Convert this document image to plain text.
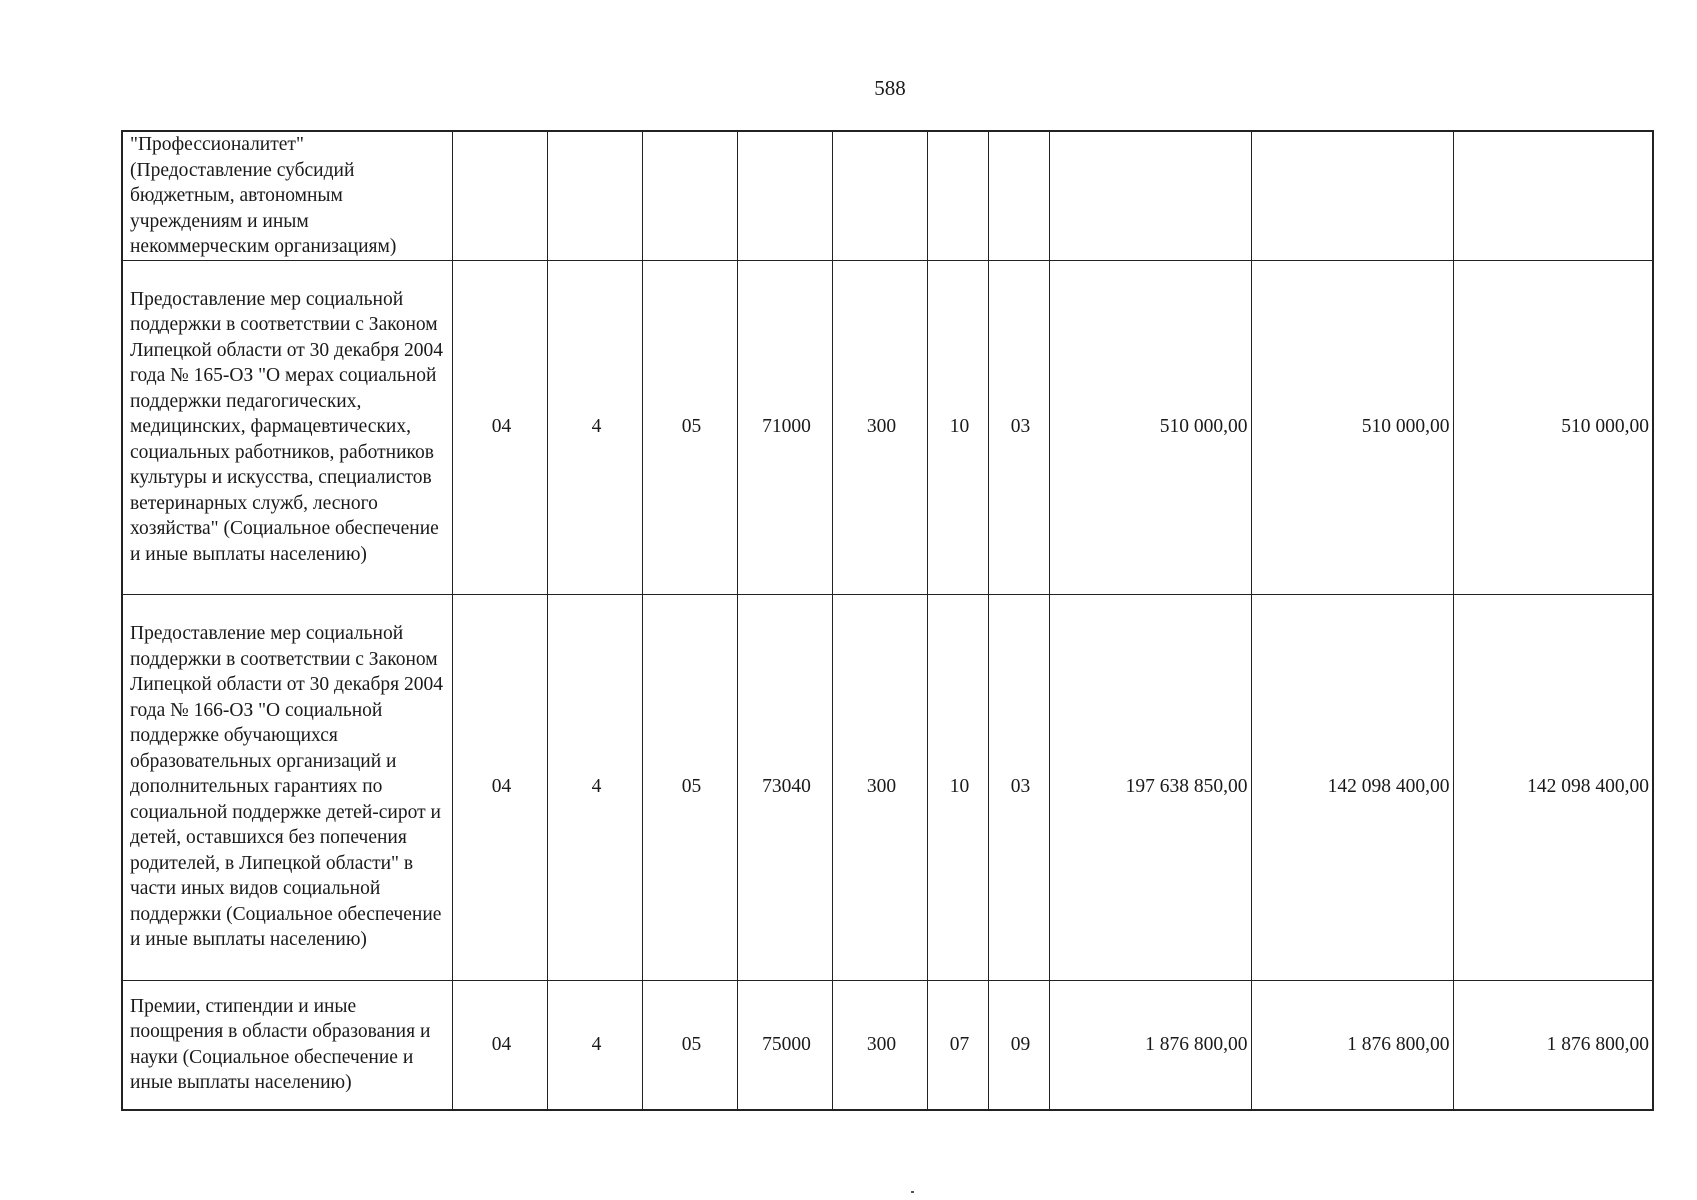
588
"Профессионалитет" (Предоставление субсидий бюджетным, автономным учреждениям и иным некоммерческим организациям)										
Предоставление мер социальной поддержки в соответствии с Законом Липецкой области от 30 декабря 2004 года № 165-ОЗ "О мерах социальной поддержки педагогических, медицинских, фармацевтических, социальных работников, работников культуры и искусства, специалистов ветеринарных служб, лесного хозяйства" (Социальное обеспечение и иные выплаты населению)	04	4	05	71000	300	10	03	510 000,00	510 000,00	510 000,00
Предоставление мер социальной поддержки в соответствии с Законом Липецкой области от 30 декабря 2004 года № 166-ОЗ "О социальной поддержке обучающихся образовательных организаций и дополнительных гарантиях по социальной поддержке детей-сирот и детей, оставшихся без попечения родителей, в Липецкой области" в части иных видов социальной поддержки (Социальное обеспечение и иные выплаты населению)	04	4	05	73040	300	10	03	197 638 850,00	142 098 400,00	142 098 400,00
Премии, стипендии и иные поощрения в области образования и науки (Социальное обеспечение и иные выплаты населению)	04	4	05	75000	300	07	09	1 876 800,00	1 876 800,00	1 876 800,00
